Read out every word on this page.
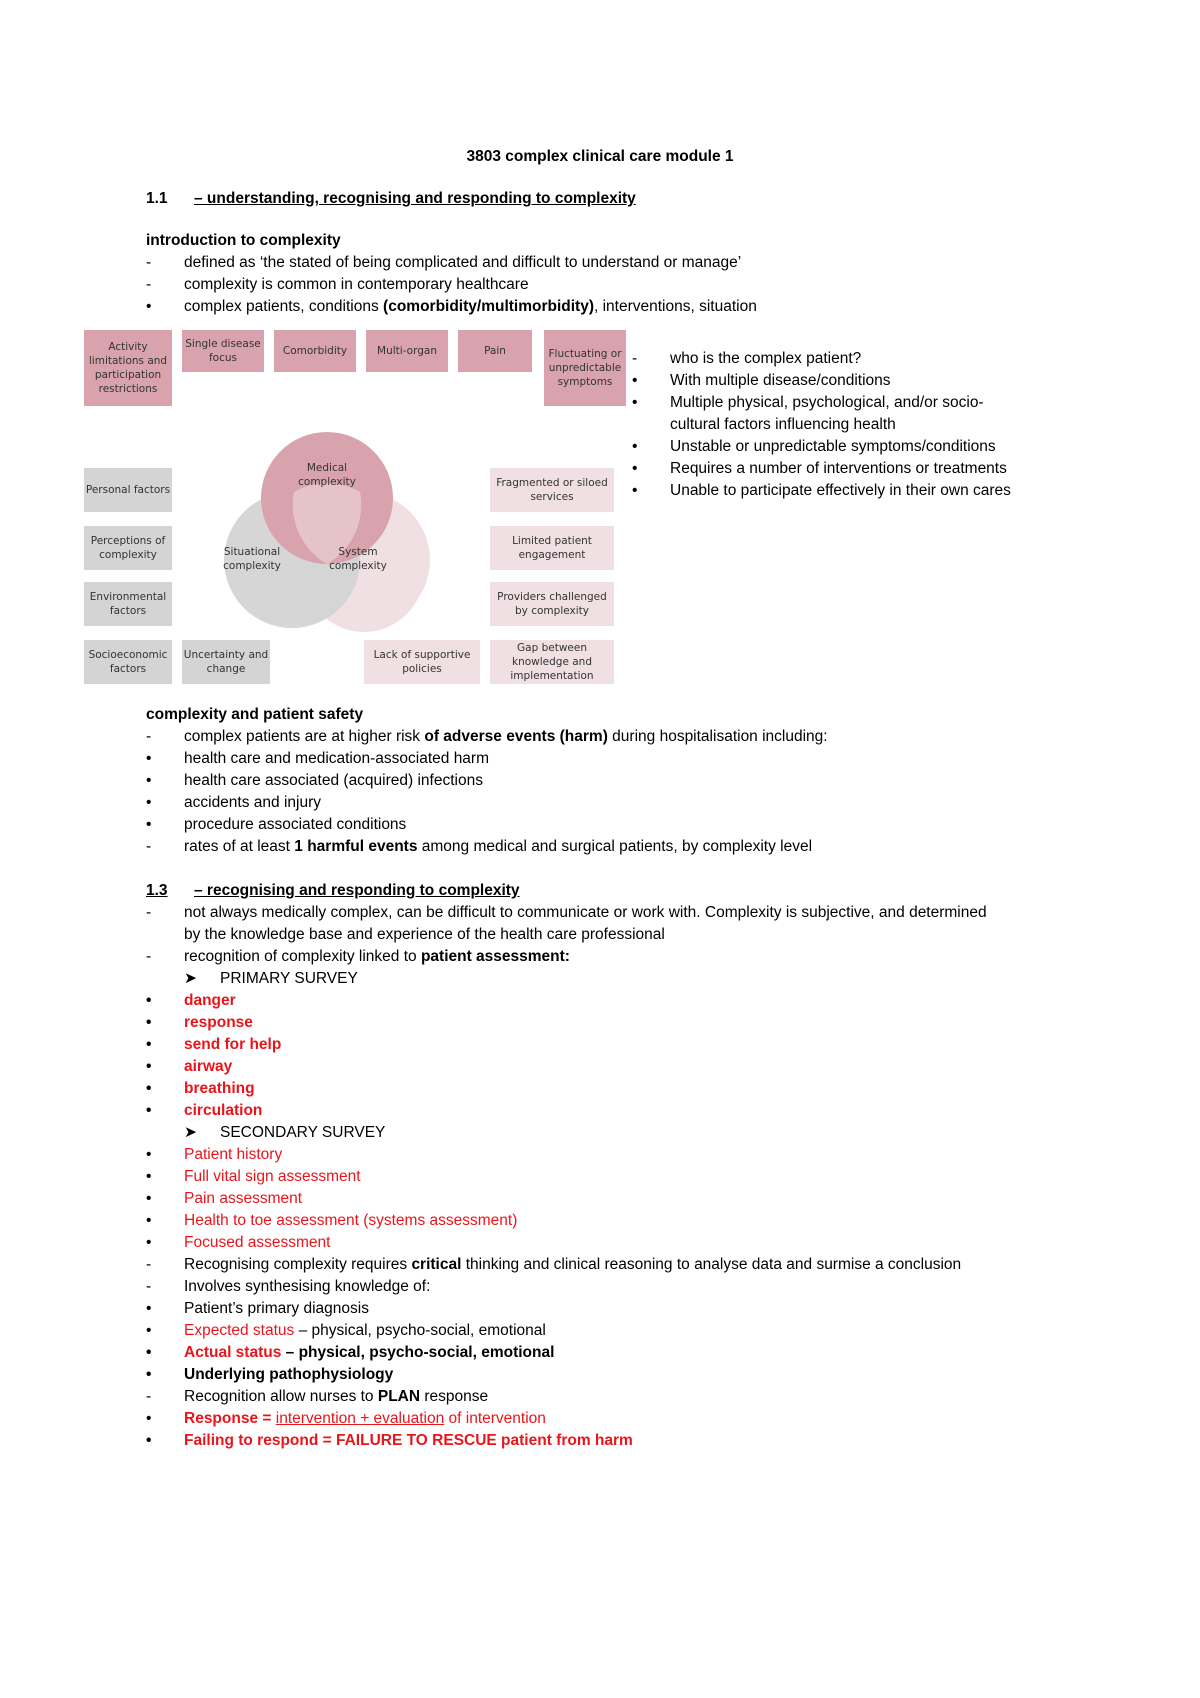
3803 complex clinical care module 1
1.1 – understanding, recognising and responding to complexity
introduction to complexity
-	defined as ‘the stated of being complicated and difficult to understand or manage’
-	complexity is common in contemporary healthcare
•	complex patients, conditions (comorbidity/multimorbidity), interventions, situation
Activity limitations and participation restrictions
Single disease focus
Comorbidity	Multi-organ	Pain	Fluctuating or unpredictable symptoms
Personal factors
Perceptions of complexity
Environmental factors
Socioeconomic factors
Uncertainty and change
Lack of supportive policies
Fragmented or siloed services
Limited patient engagement
Providers challenged by complexity
Gap between knowledge and implementation
Medical complexity
Situational complexity
System complexity
-	who is the complex patient?
•	With multiple disease/conditions
•	Multiple physical, psychological, and/or socio-
cultural factors influencing health
•	Unstable or unpredictable symptoms/conditions
•	Requires a number of interventions or treatments
•	Unable to participate effectively in their own cares
complexity and patient safety
-	complex patients are at higher risk of adverse events (harm) during hospitalisation including:
•	health care and medication-associated harm
•	health care associated (acquired) infections
•	accidents and injury
•	procedure associated conditions
-	rates of at least 1 harmful events among medical and surgical patients, by complexity level
1.3 – recognising and responding to complexity
-	not always medically complex, can be difficult to communicate or work with. Complexity is subjective, and determined
by the knowledge base and experience of the health care professional
-	recognition of complexity linked to patient assessment:
➤ PRIMARY SURVEY
•	danger
•	response
•	send for help
•	airway
•	breathing
•	circulation
➤ SECONDARY SURVEY
•	Patient history
•	Full vital sign assessment
•	Pain assessment
•	Health to toe assessment (systems assessment)
•	Focused assessment
-	Recognising complexity requires critical thinking and clinical reasoning to analyse data and surmise a conclusion
-	Involves synthesising knowledge of:
•	Patient’s primary diagnosis
•	Expected status – physical, psycho-social, emotional
•	Actual status – physical, psycho-social, emotional
•	Underlying pathophysiology
-	Recognition allow nurses to PLAN response
•	Response = intervention + evaluation of intervention
•	Failing to respond = FAILURE TO RESCUE patient from harm
